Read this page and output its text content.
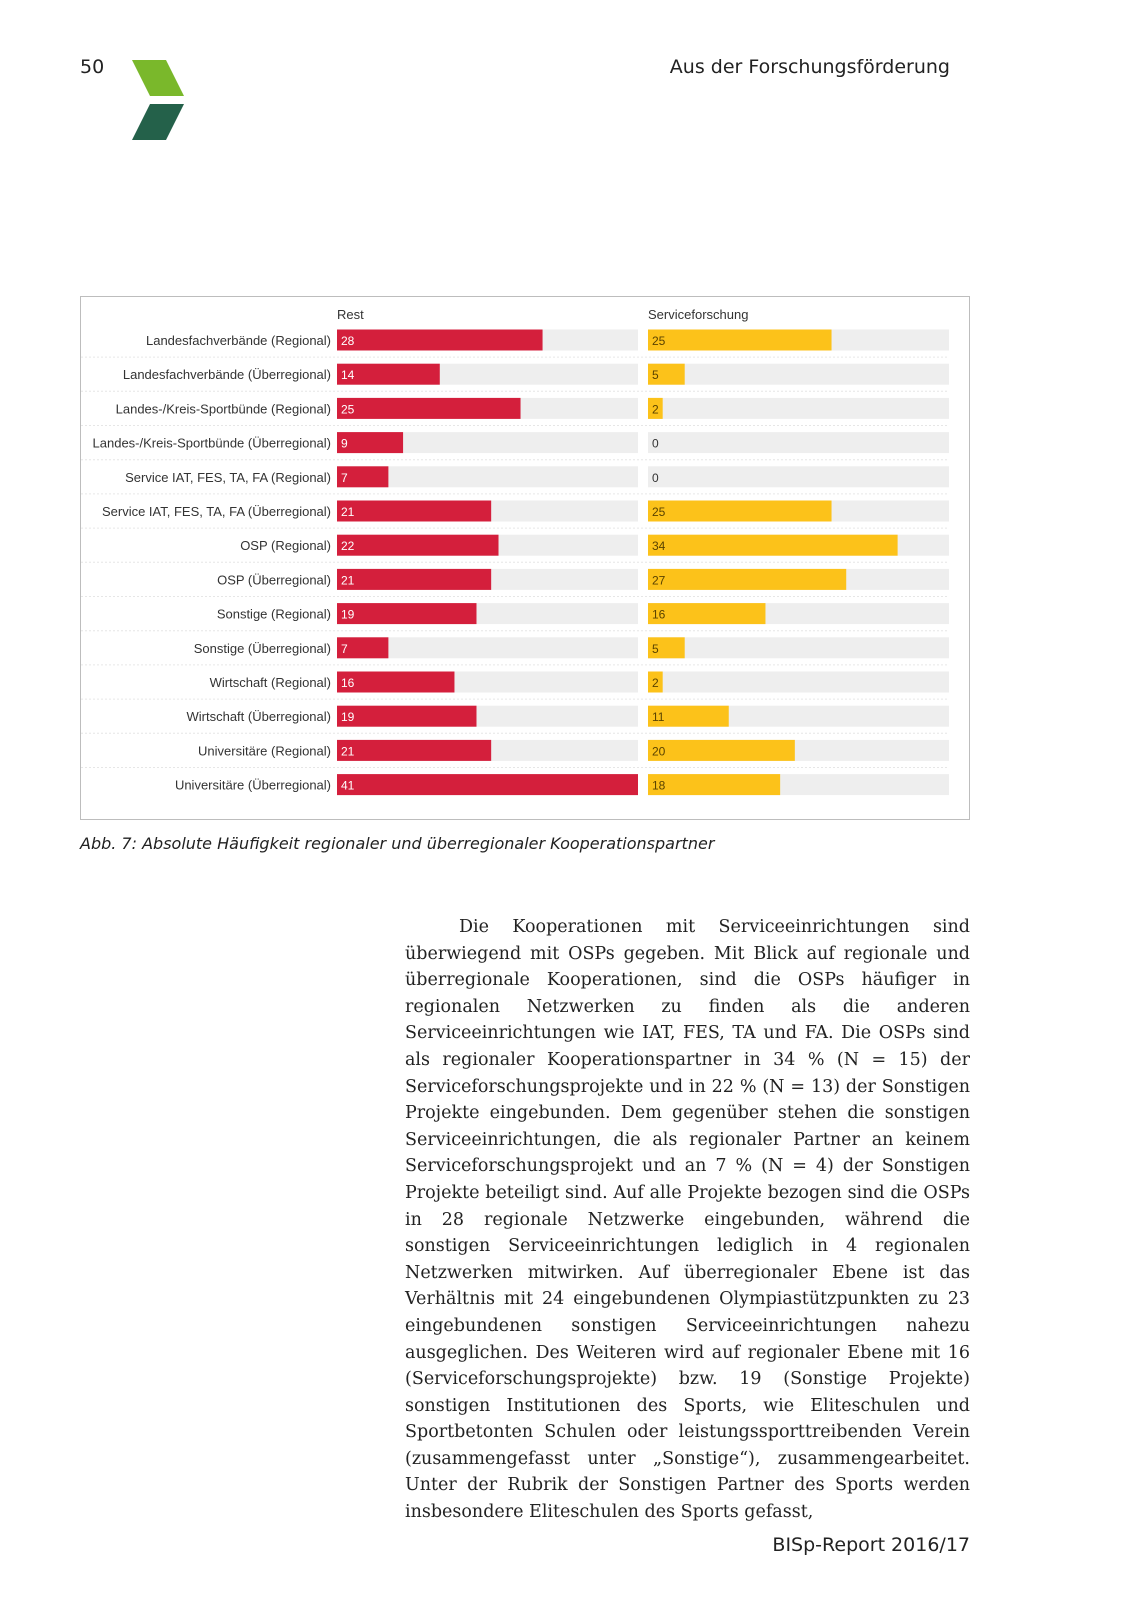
50	Aus der Forschungsförderung
Rest	Serviceforschung
Landesfachverbände (Regional) 28	25
Landesfachverbände (Überregional) 14	5
Landes-/Kreis-Sportbünde (Regional) 25	2
Landes-/Kreis-Sportbünde (Überregional) 9	0
Service IAT, FES, TA, FA (Regional) 7	0
Service IAT, FES, TA, FA (Überregional) 21	25
OSP (Regional) 22	34
OSP (Überregional) 21	27
Sonstige (Regional) 19	16
Sonstige (Überregional) 7	5
Wirtschaft (Regional) 16	2
Wirtschaft (Überregional) 19	11
Universitäre (Regional) 21	20
Universitäre (Überregional) 41	18
Abb. 7: Absolute Häufigkeit regionaler und überregionaler Kooperationspartner

Die Kooperationen mit Serviceeinrichtungen sind überwiegend mit OSPs gegeben. Mit Blick auf regionale und überregionale Kooperationen, sind die OSPs häufiger in regionalen Netzwerken zu finden als die anderen Serviceeinrichtungen wie IAT, FES, TA und FA. Die OSPs sind als regionaler Kooperationspartner in 34 % (N = 15) der Serviceforschungsprojekte und in 22 % (N = 13) der Sonstigen Projekte eingebunden. Dem gegenüber stehen die sonstigen Serviceeinrichtungen, die als regionaler Partner an keinem Serviceforschungsprojekt und an 7 % (N = 4) der Sonstigen Projekte beteiligt sind. Auf alle Projekte bezogen sind die OSPs in 28 regionale Netzwerke eingebunden, während die sonstigen Serviceeinrichtungen lediglich in 4 regionalen Netzwerken mitwirken. Auf überregionaler Ebene ist das Verhältnis mit 24 eingebundenen Olympiastützpunkten zu 23 eingebundenen sonstigen Serviceeinrichtungen nahezu ausgeglichen. Des Weiteren wird auf regionaler Ebene mit 16 (Serviceforschungsprojekte) bzw. 19 (Sonstige Projekte) sonstigen Institutionen des Sports, wie Eliteschulen und Sportbetonten Schulen oder leistungssporttreibenden Verein (zusammengefasst unter „Sonstige“), zusammengearbeitet. Unter der Rubrik der Sonstigen Partner des Sports werden insbesondere Eliteschulen des Sports gefasst,

BISp-Report 2016/17
